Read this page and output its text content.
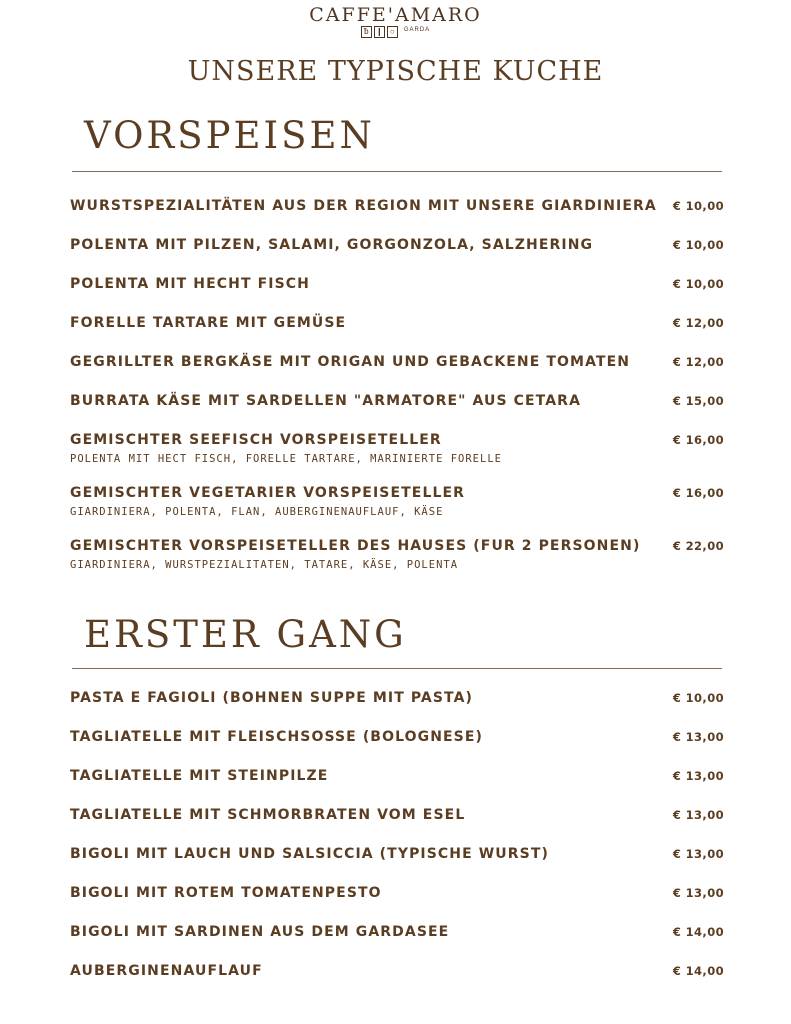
CAFFE'AMARO
ᵬ ❙ ○	GARDA
UNSERE TYPISCHE KUCHE
VORSPEISEN
WURSTSPEZIALITÄTEN AUS DER REGION MIT UNSERE GIARDINIERA € 10,00
POLENTA MIT PILZEN, SALAMI, GORGONZOLA, SALZHERING	€ 10,00
POLENTA MIT HECHT FISCH	€ 10,00
FORELLE TARTARE MIT GEMÜSE	€ 12,00
GEGRILLTER BERGKÄSE MIT ORIGAN UND GEBACKENE TOMATEN	€ 12,00
BURRATA KÄSE MIT SARDELLEN "ARMATORE" AUS CETARA	€ 15,00
GEMISCHTER SEEFISCH VORSPEISETELLER	€ 16,00
POLENTA MIT HECT FISCH, FORELLE TARTARE, MARINIERTE FORELLE
GEMISCHTER VEGETARIER VORSPEISETELLER	€ 16,00
GIARDINIERA, POLENTA, FLAN, AUBERGINENAUFLAUF, KÄSE
GEMISCHTER VORSPEISETELLER DES HAUSES (FUR 2 PERSONEN)	€ 22,00
GIARDINIERA, WURSTPEZIALITATEN, TATARE, KÄSE, POLENTA
ERSTER GANG
PASTA E FAGIOLI (BOHNEN SUPPE MIT PASTA)	€ 10,00
TAGLIATELLE MIT FLEISCHSOSSE (BOLOGNESE)	€ 13,00
TAGLIATELLE MIT STEINPILZE	€ 13,00
TAGLIATELLE MIT SCHMORBRATEN VOM ESEL	€ 13,00
BIGOLI MIT LAUCH UND SALSICCIA (TYPISCHE WURST)	€ 13,00
BIGOLI MIT ROTEM TOMATENPESTO	€ 13,00
BIGOLI MIT SARDINEN AUS DEM GARDASEE	€ 14,00
AUBERGINENAUFLAUF	€ 14,00
